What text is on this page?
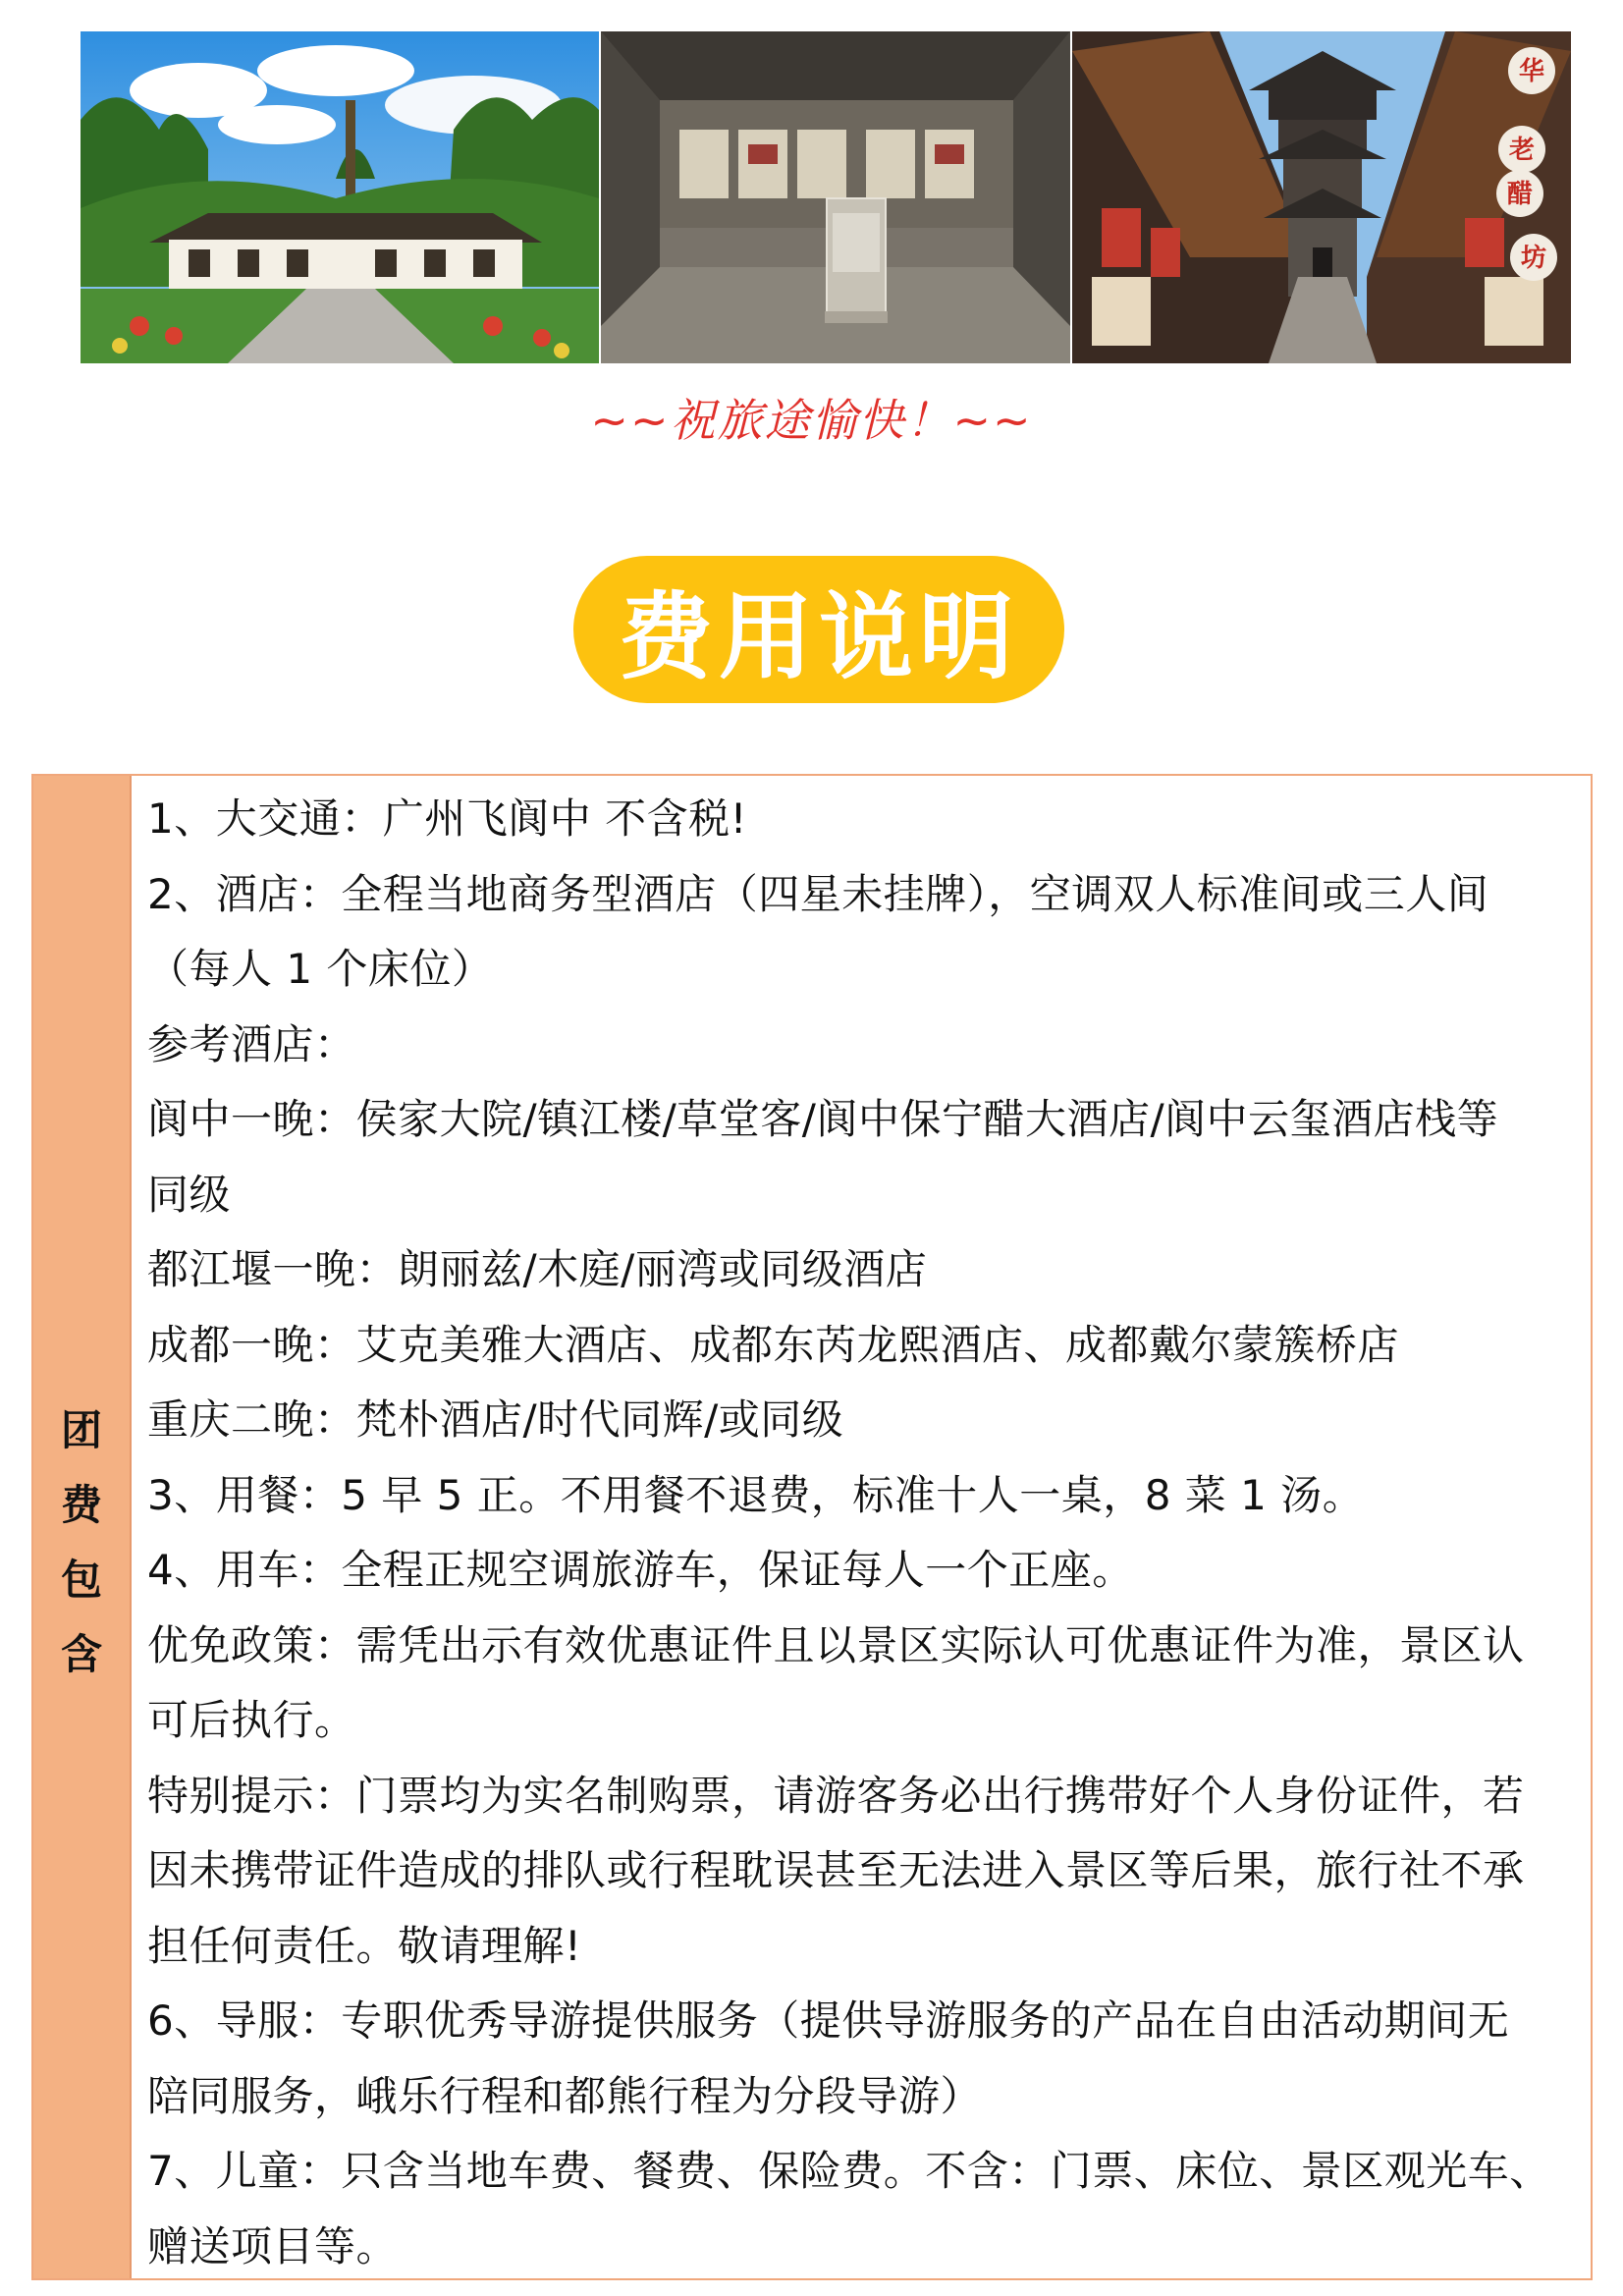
华
老
醋
坊
~~祝旅途愉快！~~
费用说明
团费包含
1、大交通：广州飞阆中 不含税!
2、酒店：全程当地商务型酒店（四星未挂牌），空调双人标准间或三人间
（每人 1 个床位）
参考酒店：
阆中一晚：侯家大院/镇江楼/草堂客/阆中保宁醋大酒店/阆中云玺酒店栈等
同级
都江堰一晚：朗丽兹/木庭/丽湾或同级酒店
成都一晚：艾克美雅大酒店、成都东芮龙熙酒店、成都戴尔蒙簇桥店
重庆二晚：梵朴酒店/时代同辉/或同级
3、用餐：5 早 5 正。不用餐不退费，标准十人一桌，8 菜 1 汤。
4、用车：全程正规空调旅游车，保证每人一个正座。
优免政策：需凭出示有效优惠证件且以景区实际认可优惠证件为准，景区认
可后执行。
特别提示：门票均为实名制购票，请游客务必出行携带好个人身份证件，若
因未携带证件造成的排队或行程耽误甚至无法进入景区等后果，旅行社不承
担任何责任。敬请理解!
6、导服：专职优秀导游提供服务（提供导游服务的产品在自由活动期间无
陪同服务，峨乐行程和都熊行程为分段导游）
7、儿童：只含当地车费、餐费、保险费。不含：门票、床位、景区观光车、
赠送项目等。
